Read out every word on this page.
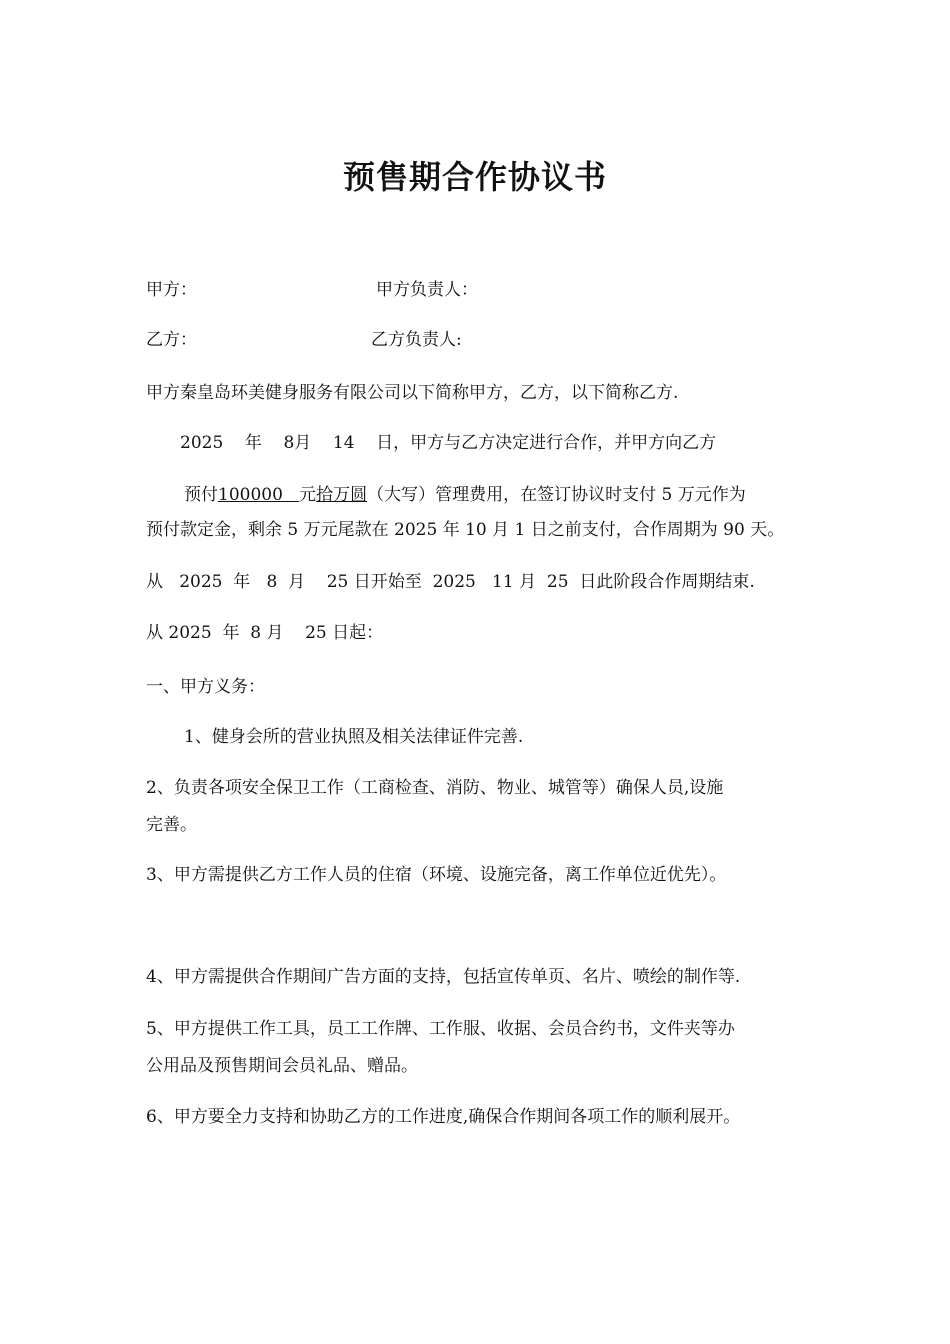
预售期合作协议书
甲方：	甲方负责人：
乙方：	乙方负责人:
甲方秦皇岛环美健身服务有限公司以下简称甲方，乙方，以下简称乙方.
2025    年    8月    14    日，甲方与乙方决定进行合作，并甲方向乙方
预付100000   元拾万圆（大写）管理费用，在签订协议时支付 5 万元作为
预付款定金，剩余 5 万元尾款在 2025 年 10 月 1 日之前支付，合作周期为 90 天。
从   2025  年   8  月    25 日开始至  2025   11 月  25  日此阶段合作周期结束.
从 2025  年  8 月    25 日起：
一、甲方义务：
1、健身会所的营业执照及相关法律证件完善.
2、负责各项安全保卫工作（工商检查、消防、物业、城管等）确保人员,设施
完善。
3、甲方需提供乙方工作人员的住宿（环境、设施完备，离工作单位近优先）。
4、甲方需提供合作期间广告方面的支持，包括宣传单页、名片、喷绘的制作等.
5、甲方提供工作工具，员工工作牌、工作服、收据、会员合约书，文件夹等办
公用品及预售期间会员礼品、赠品。
6、甲方要全力支持和协助乙方的工作进度,确保合作期间各项工作的顺利展开。
